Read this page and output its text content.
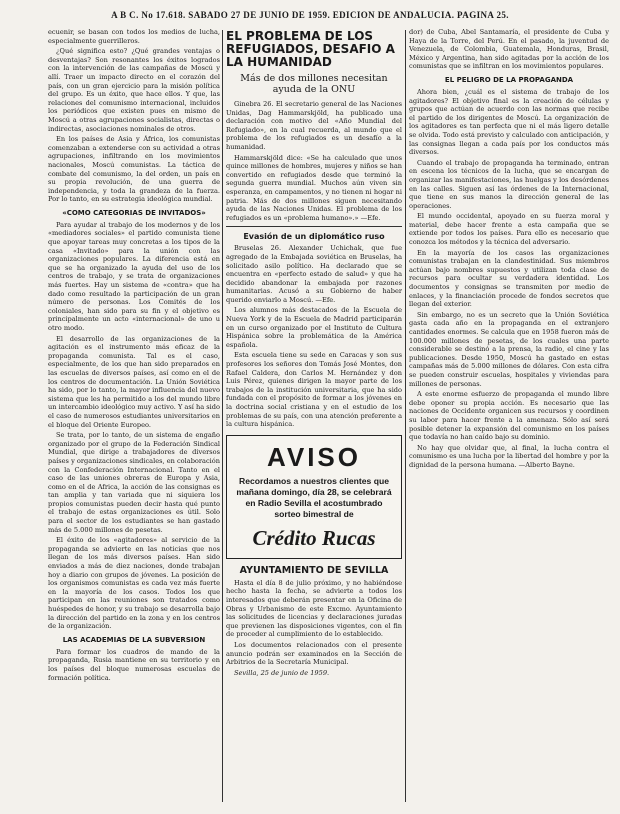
A B C. No 17.618. SABADO 27 DE JUNIO DE 1959. EDICION DE ANDALUCIA. PAGINA 25.

ecuenir, se basan con todos los medios de lucha, especialmente guerrilleros.

¿Qué significa esto? ¿Qué grandes ventajas o desventajas? Son resonantes los éxitos logrados con la intervención de las campañas de Moscú y allí. Traer un impacto directo en el corazón del país, con un gran ejercicio para la misión política del grupo. Es un éxito, que hace ellos. Y que, las relaciones del comunismo internacional, incluidos los periódicos que existen pues en mismo de Moscú a otras agrupaciones socialistas, directas o indirectas, asociaciones nominales de otros.

En los países de Asia y África, los comunistas comenzaban a extenderse con su actividad a otras agrupaciones, infiltrando en los movimientos nacionales, Moscú comunistas. La táctica de combate del comunismo, la del orden, un país en su propia revolución, de una guerra de independencia, y toda la grandeza de la fuerza. Por lo tanto, en su estrategia ideológica mundial.

«COMO CATEGORIAS DE INVITADOS»

Para ayudar al trabajo de los modernos y de los «mediadores sociales» el partido comunista tiene que apoyar tareas muy concretas a los tipos de la casa «Invitado» para la unión con las organizaciones populares. La diferencia está en que se ha organizado la ayuda del uso de los centros de trabajo, y se trata de organizaciones más fuertes. Hay un sistema de «contra» que ha dado como resultado la participación de un gran número de personas. Los Comités de los coloniales, han sido para su fin y el objetivo es principalmente un acto «internacional» de uno u otro modo.

El desarrollo de las organizaciones de la agitación es el instrumento más eficaz de la propaganda comunista. Tal es el caso, especialmente, de los que han sido preparados en las escuelas de diversos países, así como en el de los centros de documentación. La Unión Soviética ha sido, por lo tanto, la mayor influencia del nuevo sistema que les ha permitido a los del mundo libre un intercambio ideológico muy activo. Y así ha sido el caso de numerosos estudiantes universitarios en el bloque del Oriente Europeo.

Se trata, por lo tanto, de un sistema de engaño organizado por el grupo de la Federación Sindical Mundial, que dirige a trabajadores de diversos países y organizaciones sindicales, en colaboración con la Confederación Internacional. Tanto en el caso de las uniones obreras de Europa y Asia, como en el de Africa, la acción de las consignas es tan amplia y tan variada que ni siquiera los propios comunistas pueden decir hasta qué punto el trabajo de estas organizaciones es útil. Solo para el sector de los estudiantes se han gastado más de 5.000 millones de pesetas.

El éxito de los «agitadores» al servicio de la propaganda se advierte en las noticias que nos llegan de los más diversos países. Han sido enviados a más de diez naciones, donde trabajan hoy a diario con grupos de jóvenes. La posición de los organismos comunistas es cada vez más fuerte en la mayoría de los casos. Todos los que participan en las reuniones son tratados como huéspedes de honor, y su trabajo se desarrolla bajo la dirección del partido en la zona y en los centros de la organización.

LAS ACADEMIAS DE LA SUBVERSION

Para formar los cuadros de mando de la propaganda, Rusia mantiene en su territorio y en los países del bloque numerosas escuelas de formación política.

EL PROBLEMA DE LOS REFUGIADOS, DESAFIO A LA HUMANIDAD
Más de dos millones necesitan ayuda de la ONU

Ginebra 26. El secretario general de las Naciones Unidas, Dag Hammarskjöld, ha publicado una declaración con motivo del «Año Mundial del Refugiado», en la cual recuerda, al mundo que el problema de los refugiados es un desafío a la humanidad.

Hammarskjöld dice: «Se ha calculado que unos quince millones de hombres, mujeres y niños se han convertido en refugiados desde que terminó la segunda guerra mundial. Muchos aún viven sin esperanza, en campamentos, y no tienen ni hogar ni patria. Más de dos millones siguen necesitando ayuda de las Naciones Unidas. El problema de los refugiados es un «problema humano».» —Efe.

Evasión de un diplomático ruso

Bruselas 26. Alexander Uchichak, que fue agregado de la Embajada soviética en Bruselas, ha solicitado asilo político. Ha declarado que se encuentra en «perfecto estado de salud» y que ha decidido abandonar la embajada por razones humanitarias. Acusó a su Gobierno de haber querido enviarlo a Moscú. —Efe.

Los alumnos más destacados de la Escuela de Nueva York y de la Escuela de Madrid participarán en un curso organizado por el Instituto de Cultura Hispánica sobre la problemática de la América española.

Esta escuela tiene su sede en Caracas y son sus profesores los señores don Tomás José Montes, don Rafael Caldera, don Carlos M. Hernández y don Luis Pérez, quienes dirigen la mayor parte de los trabajos de la institución universitaria, que ha sido fundada con el propósito de formar a los jóvenes en la doctrina social cristiana y en el estudio de los problemas de su país, con una atención preferente a la cultura hispánica.

AVISO
Recordamos a nuestros clientes que mañana domingo, día 28, se celebrará en Radio Sevilla el acostumbrado sorteo bimestral de
Crédito Rucas
AYUNTAMIENTO DE SEVILLA

Hasta el día 8 de julio próximo, y no habiéndose hecho hasta la fecha, se advierte a todos los interesados que deberán presentar en la Oficina de Obras y Urbanismo de este Excmo. Ayuntamiento las solicitudes de licencias y declaraciones juradas que previenen las disposiciones vigentes, con el fin de proceder al cumplimiento de lo establecido.

Los documentos relacionados con el presente anuncio podrán ser examinados en la Sección de Arbitrios de la Secretaría Municipal.

Sevilla, 25 de junio de 1959.

dor) de Cuba, Abel Santamaría, el presidente de Cuba y Haya de la Torre, del Perú. En el pasado, la juventud de Venezuela, de Colombia, Guatemala, Honduras, Brasil, México y Argentina, han sido agitadas por la acción de los comunistas que se infiltran en los movimientos populares.

EL PELIGRO DE LA PROPAGANDA

Ahora bien, ¿cuál es el sistema de trabajo de los agitadores? El objetivo final es la creación de células y grupos que actúan de acuerdo con las normas que recibe el partido de los dirigentes de Moscú. La organización de los agitadores es tan perfecta que ni el más ligero detalle se olvida. Todo está previsto y calculado con anticipación, y las consignas llegan a cada país por los conductos más diversos.

Cuando el trabajo de propaganda ha terminado, entran en escena los técnicos de la lucha, que se encargan de organizar las manifestaciones, las huelgas y los desórdenes en las calles. Siguen así las órdenes de la Internacional, que tiene en sus manos la dirección general de las operaciones.

El mundo occidental, apoyado en su fuerza moral y material, debe hacer frente a esta campaña que se extiende por todos los países. Para ello es necesario que conozca los métodos y la técnica del adversario.

En la mayoría de los casos las organizaciones comunistas trabajan en la clandestinidad. Sus miembros actúan bajo nombres supuestos y utilizan toda clase de recursos para ocultar su verdadera identidad. Los documentos y consignas se transmiten por medio de enlaces, y la financiación procede de fondos secretos que llegan del exterior.

Sin embargo, no es un secreto que la Unión Soviética gasta cada año en la propaganda en el extranjero cantidades enormes. Se calcula que en 1958 fueron más de 100.000 millones de pesetas, de los cuales una parte considerable se destinó a la prensa, la radio, el cine y las publicaciones. Desde 1950, Moscú ha gastado en estas campañas más de 5.000 millones de dólares. Con esta cifra se pueden construir escuelas, hospitales y viviendas para millones de personas.

A este enorme esfuerzo de propaganda el mundo libre debe oponer su propia acción. Es necesario que las naciones de Occidente organicen sus recursos y coordinen su labor para hacer frente a la amenaza. Sólo así será posible detener la expansión del comunismo en los países que todavía no han caído bajo su dominio.

No hay que olvidar que, al final, la lucha contra el comunismo es una lucha por la libertad del hombre y por la dignidad de la persona humana. —Alberto Bayne.
